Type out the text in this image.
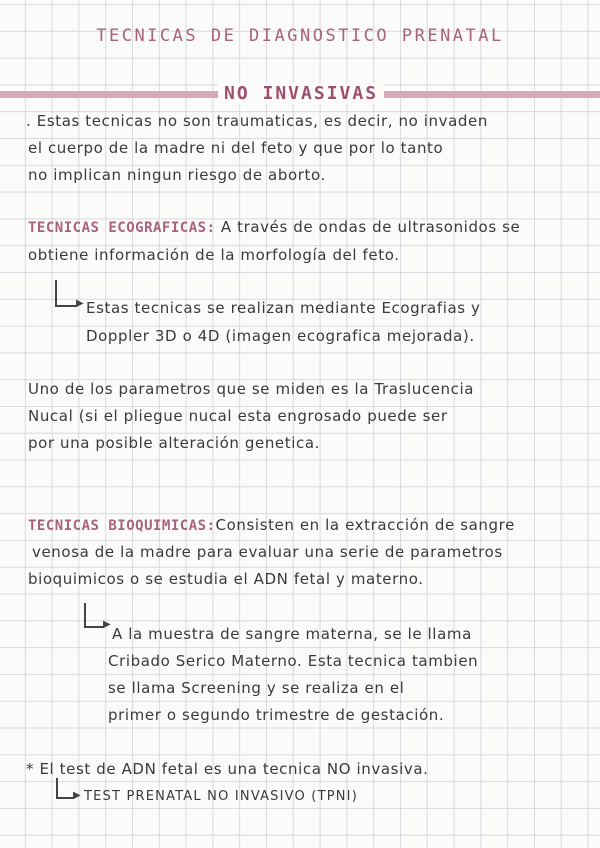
TECNICAS DE DIAGNOSTICO PRENATAL
NO INVASIVAS
. Estas tecnicas no son traumaticas, es decir, no invaden
el cuerpo de la madre ni del feto y que por lo tanto
no implican ningun riesgo de aborto.
TECNICAS ECOGRAFICAS: A través de ondas de ultrasonidos se
obtiene información de la morfología del feto.
▶ Estas tecnicas se realizan mediante Ecografias y
Doppler 3D o 4D (imagen ecografica mejorada).
Uno de los parametros que se miden es la Traslucencia
Nucal (si el pliegue nucal esta engrosado puede ser
por una posible alteración genetica.
TECNICAS BIOQUIMICAS:Consisten en la extracción de sangre
venosa de la madre para evaluar una serie de parametros
bioquimicos o se estudia el ADN fetal y materno.
▶
A la muestra de sangre materna, se le llama
Cribado Serico Materno. Esta tecnica tambien
se llama Screening y se realiza en el
primer o segundo trimestre de gestación.
* El test de ADN fetal es una tecnica NO invasiva.
▶ TEST PRENATAL NO INVASIVO (TPNI)
